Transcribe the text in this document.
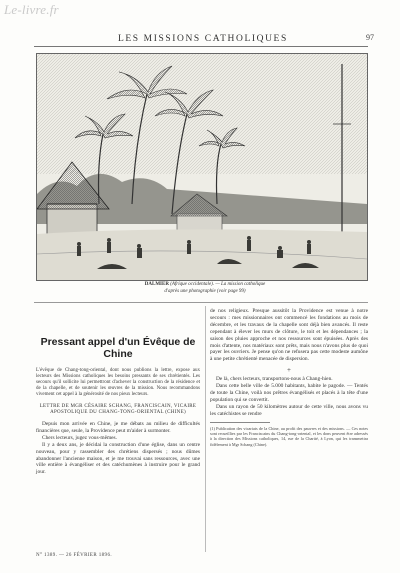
Le-livre.fr
LES MISSIONS CATHOLIQUES	97
DALMIER (Afrique occidentale). — La mission catholique
d'après une photographie (voir page 99)
Pressant appel d'un Évêque de Chine

L'évêque de Chang-tong-oriental, dont nous publions la lettre, expose aux lecteurs des Missions catholiques les besoins pressants de ses chrétientés. Les secours qu'il sollicite lui permettront d'achever la construction de la résidence et de la chapelle, et de soutenir les œuvres de la mission. Nous recommandons vivement cet appel à la générosité de nos pieux lecteurs.

LETTRE DE MGR CÉSAIRE SCHANG, FRANCISCAIN, VICAIRE APOSTOLIQUE DU CHANG-TONG-ORIENTAL (CHINE)

Depuis mon arrivée en Chine, je me débats au milieu de difficultés financières que, seule, la Providence peut m'aider à surmonter.

Chers lecteurs, jugez vous-mêmes.

Il y a deux ans, je décidai la construction d'une église, dans un centre nouveau, pour y rassembler des chrétiens dispersés ; nous dûmes abandonner l'ancienne maison, et je me trouvai sans ressources, avec une ville entière à évangéliser et des catéchumènes à instruire pour le grand jour.

de nos religieux. Presque aussitôt la Providence est venue à notre secours : mes missionnaires ont commencé les fondations au mois de décembre, et les travaux de la chapelle sont déjà bien avancés. Il reste cependant à élever les murs de clôture, le toit et les dépendances ; la saison des pluies approche et nos ressources sont épuisées. Après des mois d'attente, nos matériaux sont prêts, mais nous n'avons plus de quoi payer les ouvriers. Je pense qu'on ne refusera pas cette modeste aumône à une petite chrétienté menacée de dispersion.

+

De là, chers lecteurs, transportons-nous à Chang-hien.

Dans cette belle ville de 5.000 habitants, habite le pagode. — Tentés de toute la Chine, voilà nos prêtres évangélisés et placés à la tête d'une population qui se convertit.

Dans un rayon de 50 kilomètres autour de cette ville, nous avons vu les catéchistes se rendre

(1) Publication des vicariats de la Chine, au profit des pauvres et des missions. — Ces notes sont recueillies par les Franciscains du Chang-tong-oriental, et les dons peuvent être adressés à la direction des Missions catholiques, 14, rue de la Charité, à Lyon, qui les transmettra fidèlement à Mgr Schang (Chine).

N° 1389. — 26 FÉVRIER 1896.
